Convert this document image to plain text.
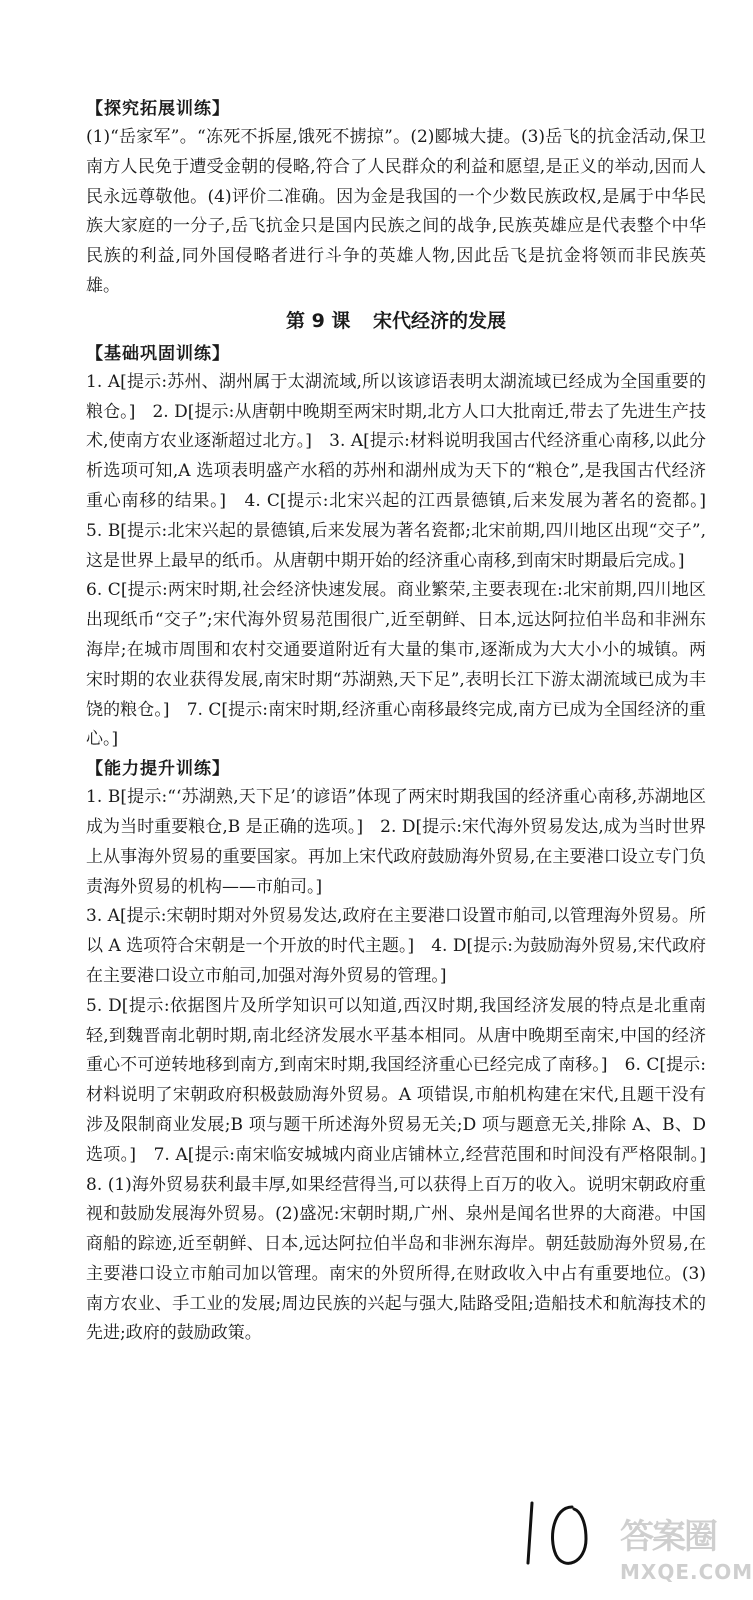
【探究拓展训练】

(1)“岳家军”。“冻死不拆屋,饿死不掳掠”。(2)郾城大捷。(3)岳飞的抗金活动,保卫南方人民免于遭受金朝的侵略,符合了人民群众的利益和愿望,是正义的举动,因而人民永远尊敬他。(4)评价二准确。因为金是我国的一个少数民族政权,是属于中华民族大家庭的一分子,岳飞抗金只是国内民族之间的战争,民族英雄应是代表整个中华民族的利益,同外国侵略者进行斗争的英雄人物,因此岳飞是抗金将领而非民族英雄。

第 9 课 宋代经济的发展
【基础巩固训练】

1. A[提示:苏州、湖州属于太湖流域,所以该谚语表明太湖流域已经成为全国重要的粮仓。]　2. D[提示:从唐朝中晚期至两宋时期,北方人口大批南迁,带去了先进生产技术,使南方农业逐渐超过北方。]　3. A[提示:材料说明我国古代经济重心南移,以此分析选项可知,A 选项表明盛产水稻的苏州和湖州成为天下的“粮仓”,是我国古代经济重心南移的结果。]　4. C[提示:北宋兴起的江西景德镇,后来发展为著名的瓷都。]　5. B[提示:北宋兴起的景德镇,后来发展为著名瓷都;北宋前期,四川地区出现“交子”,这是世界上最早的纸币。从唐朝中期开始的经济重心南移,到南宋时期最后完成。]

6. C[提示:两宋时期,社会经济快速发展。商业繁荣,主要表现在:北宋前期,四川地区出现纸币“交子”;宋代海外贸易范围很广,近至朝鲜、日本,远达阿拉伯半岛和非洲东海岸;在城市周围和农村交通要道附近有大量的集市,逐渐成为大大小小的城镇。两宋时期的农业获得发展,南宋时期“苏湖熟,天下足”,表明长江下游太湖流域已成为丰饶的粮仓。]　7. C[提示:南宋时期,经济重心南移最终完成,南方已成为全国经济的重心。]

【能力提升训练】

1. B[提示:“‘苏湖熟,天下足’的谚语”体现了两宋时期我国的经济重心南移,苏湖地区成为当时重要粮仓,B 是正确的选项。]　2. D[提示:宋代海外贸易发达,成为当时世界上从事海外贸易的重要国家。再加上宋代政府鼓励海外贸易,在主要港口设立专门负责海外贸易的机构——市舶司。]

3. A[提示:宋朝时期对外贸易发达,政府在主要港口设置市舶司,以管理海外贸易。所以 A 选项符合宋朝是一个开放的时代主题。]　4. D[提示:为鼓励海外贸易,宋代政府在主要港口设立市舶司,加强对海外贸易的管理。]

5. D[提示:依据图片及所学知识可以知道,西汉时期,我国经济发展的特点是北重南轻,到魏晋南北朝时期,南北经济发展水平基本相同。从唐中晚期至南宋,中国的经济重心不可逆转地移到南方,到南宋时期,我国经济重心已经完成了南移。]　6. C[提示:材料说明了宋朝政府积极鼓励海外贸易。A 项错误,市舶机构建在宋代,且题干没有涉及限制商业发展;B 项与题干所述海外贸易无关;D 项与题意无关,排除 A、B、D 选项。]　7. A[提示:南宋临安城城内商业店铺林立,经营范围和时间没有严格限制。]　8. (1)海外贸易获利最丰厚,如果经营得当,可以获得上百万的收入。说明宋朝政府重视和鼓励发展海外贸易。(2)盛况:宋朝时期,广州、泉州是闻名世界的大商港。中国商船的踪迹,近至朝鲜、日本,远达阿拉伯半岛和非洲东海岸。朝廷鼓励海外贸易,在主要港口设立市舶司加以管理。南宋的外贸所得,在财政收入中占有重要地位。(3)南方农业、手工业的发展;周边民族的兴起与强大,陆路受阻;造船技术和航海技术的先进;政府的鼓励政策。

答案圈
MXQE.COM
